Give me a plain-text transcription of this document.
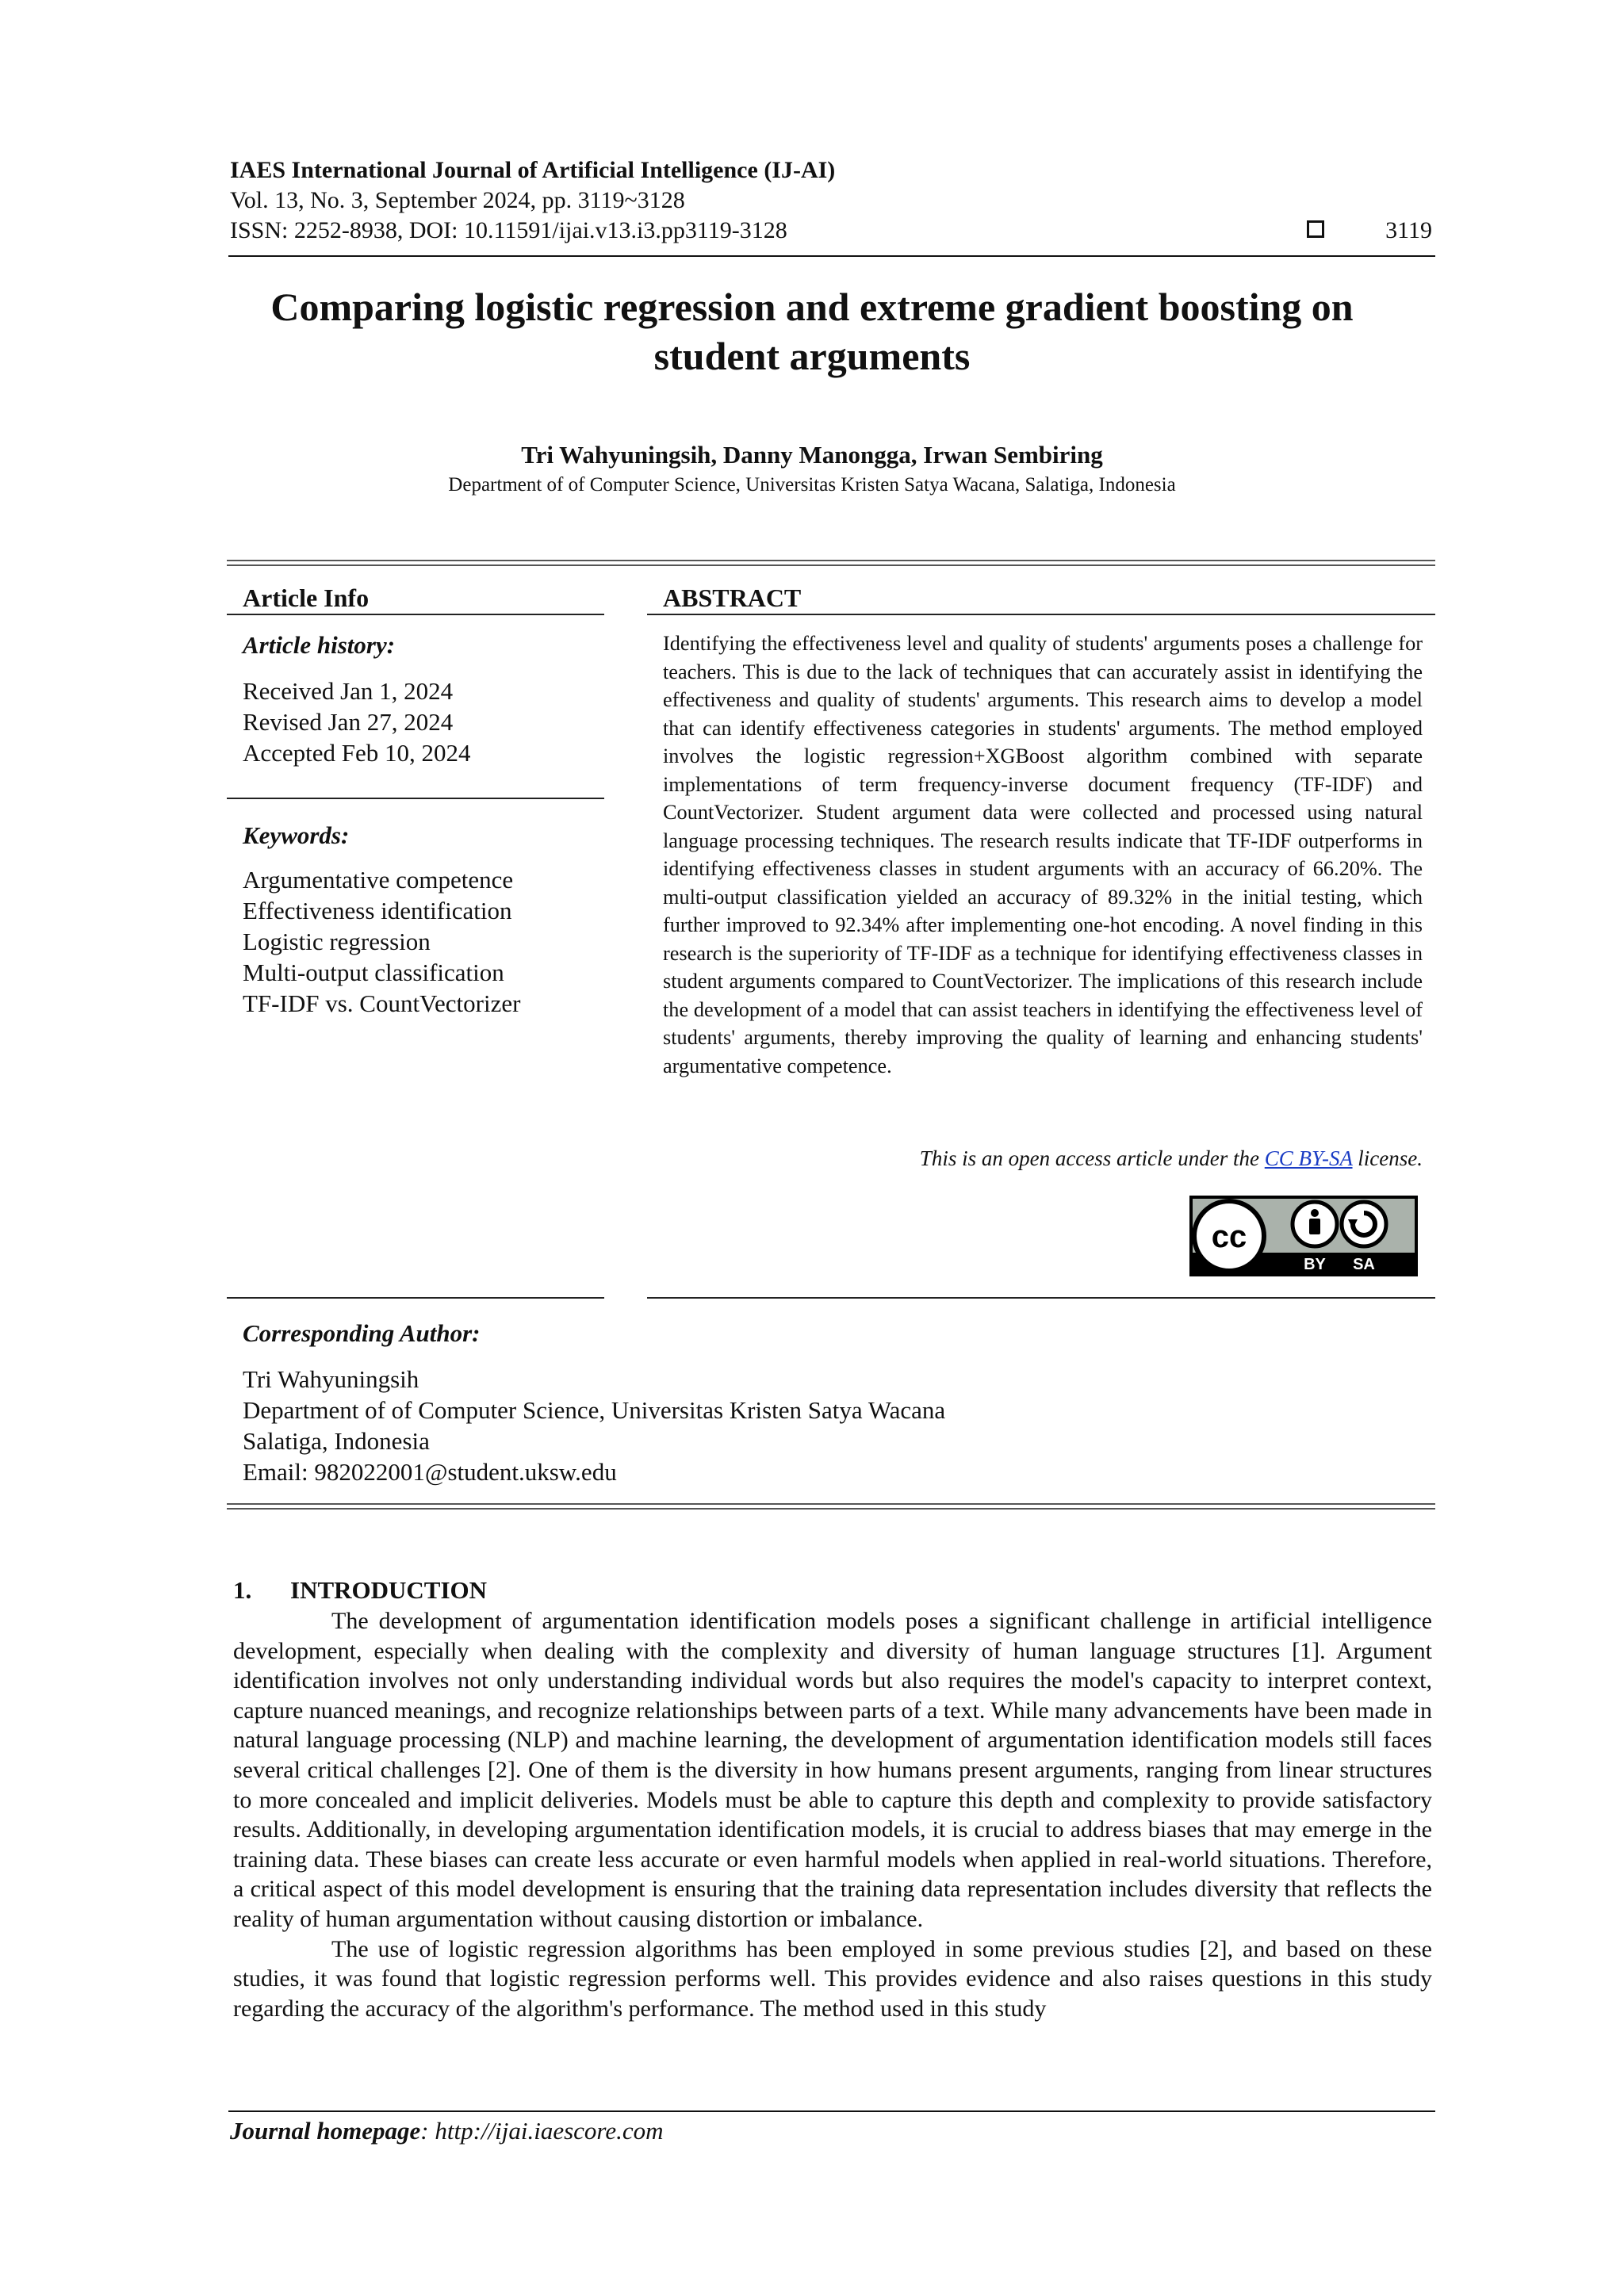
IAES International Journal of Artificial Intelligence (IJ-AI)
Vol. 13, No. 3, September 2024, pp. 3119~3128
ISSN: 2252-8938, DOI: 10.11591/ijai.v13.i3.pp3119-3128	3119
Comparing logistic regression and extreme gradient boosting on
student arguments
Tri Wahyuningsih, Danny Manongga, Irwan Sembiring
Department of of Computer Science, Universitas Kristen Satya Wacana, Salatiga, Indonesia
Article Info
Article history:
Received Jan 1, 2024
Revised Jan 27, 2024
Accepted Feb 10, 2024
Keywords:
Argumentative competence
Effectiveness identification
Logistic regression
Multi-output classification
TF-IDF vs. CountVectorizer
ABSTRACT
Identifying the effectiveness level and quality of students' arguments poses a challenge for teachers. This is due to the lack of techniques that can accurately assist in identifying the effectiveness and quality of students' arguments. This research aims to develop a model that can identify effectiveness categories in students' arguments. The method employed involves the logistic regression+XGBoost algorithm combined with separate implementations of term frequency-inverse document frequency (TF-IDF) and CountVectorizer. Student argument data were collected and processed using natural language processing techniques. The research results indicate that TF-IDF outperforms in identifying effectiveness classes in student arguments with an accuracy of 66.20%. The multi-output classification yielded an accuracy of 89.32% in the initial testing, which further improved to 92.34% after implementing one-hot encoding. A novel finding in this research is the superiority of TF-IDF as a technique for identifying effectiveness classes in student arguments compared to CountVectorizer. The implications of this research include the development of a model that can assist teachers in identifying the effectiveness level of students' arguments, thereby improving the quality of learning and enhancing students' argumentative competence.
This is an open access article under the CC BY-SA license.
cc
BY SA
Corresponding Author:
Tri Wahyuningsih
Department of of Computer Science, Universitas Kristen Satya Wacana
Salatiga, Indonesia
Email: 982022001@student.uksw.edu
1. INTRODUCTION

The development of argumentation identification models poses a significant challenge in artificial intelligence development, especially when dealing with the complexity and diversity of human language structures [1]. Argument identification involves not only understanding individual words but also requires the model's capacity to interpret context, capture nuanced meanings, and recognize relationships between parts of a text. While many advancements have been made in natural language processing (NLP) and machine learning, the development of argumentation identification models still faces several critical challenges [2]. One of them is the diversity in how humans present arguments, ranging from linear structures to more concealed and implicit deliveries. Models must be able to capture this depth and complexity to provide satisfactory results. Additionally, in developing argumentation identification models, it is crucial to address biases that may emerge in the training data. These biases can create less accurate or even harmful models when applied in real-world situations. Therefore, a critical aspect of this model development is ensuring that the training data representation includes diversity that reflects the reality of human argumentation without causing distortion or imbalance.

The use of logistic regression algorithms has been employed in some previous studies [2], and based on these studies, it was found that logistic regression performs well. This provides evidence and also raises questions in this study regarding the accuracy of the algorithm's performance. The method used in this study

Journal homepage: http://ijai.iaescore.com
